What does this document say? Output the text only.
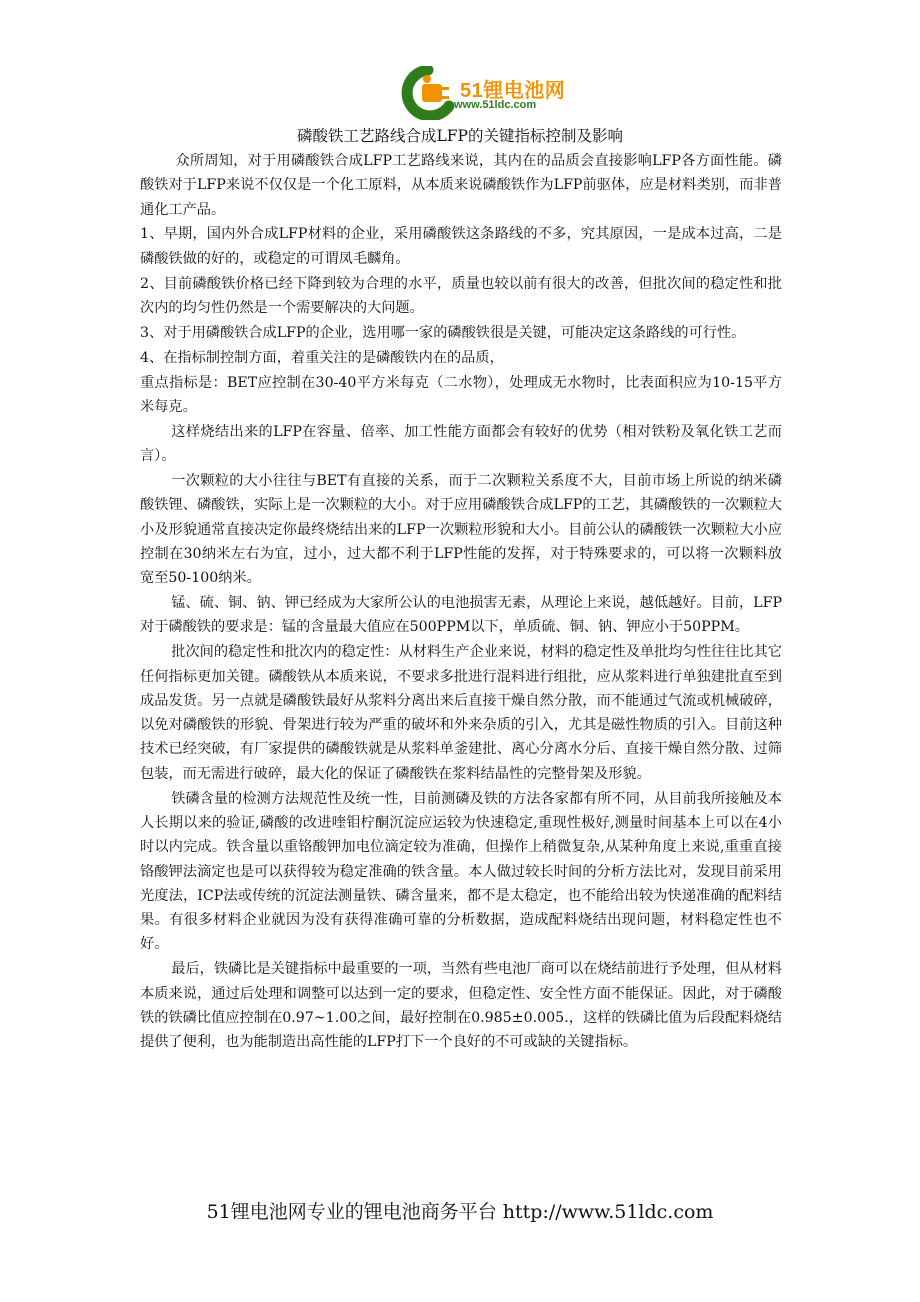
51锂电池网
www.51ldc.com
磷酸铁工艺路线合成LFP的关键指标控制及影响

众所周知，对于用磷酸铁合成LFP工艺路线来说，其内在的品质会直接影响LFP各方面性能。磷酸铁对于LFP来说不仅仅是一个化工原料，从本质来说磷酸铁作为LFP前驱体，应是材料类别，而非普通化工产品。

1、早期，国内外合成LFP材料的企业，采用磷酸铁这条路线的不多，究其原因，一是成本过高，二是磷酸铁做的好的，或稳定的可谓凤毛麟角。

2、目前磷酸铁价格已经下降到较为合理的水平，质量也较以前有很大的改善，但批次间的稳定性和批次内的均匀性仍然是一个需要解决的大问题。

3、对于用磷酸铁合成LFP的企业，选用哪一家的磷酸铁很是关键，可能决定这条路线的可行性。

4、在指标制控制方面，着重关注的是磷酸铁内在的品质，

重点指标是：BET应控制在30-40平方米每克（二水物），处理成无水物时，比表面积应为10-15平方米每克。

这样烧结出来的LFP在容量、倍率、加工性能方面都会有较好的优势（相对铁粉及氧化铁工艺而言）。

一次颗粒的大小往往与BET有直接的关系，而于二次颗粒关系度不大，目前市场上所说的纳米磷酸铁锂、磷酸铁，实际上是一次颗粒的大小。对于应用磷酸铁合成LFP的工艺，其磷酸铁的一次颗粒大小及形貌通常直接决定你最终烧结出来的LFP一次颗粒形貌和大小。目前公认的磷酸铁一次颗粒大小应控制在30纳米左右为宜，过小，过大都不利于LFP性能的发挥，对于特殊要求的，可以将一次颗料放宽至50-100纳米。

锰、硫、铜、钠、钾已经成为大家所公认的电池损害无素，从理论上来说，越低越好。目前，LFP对于磷酸铁的要求是：锰的含量最大值应在500PPM以下，单质硫、铜、钠、钾应小于50PPM。

批次间的稳定性和批次内的稳定性：从材料生产企业来说，材料的稳定性及单批均匀性往往比其它任何指标更加关键。磷酸铁从本质来说，不要求多批进行混料进行组批，应从浆料进行单独建批直至到成品发货。另一点就是磷酸铁最好从浆料分离出来后直接干燥自然分散，而不能通过气流或机械破碎，以免对磷酸铁的形貌、骨架进行较为严重的破坏和外来杂质的引入，尤其是磁性物质的引入。目前这种技术已经突破，有厂家提供的磷酸铁就是从浆料单釜建批、离心分离水分后、直接干燥自然分散、过筛包装，而无需进行破碎，最大化的保证了磷酸铁在浆料结晶性的完整骨架及形貌。

铁磷含量的检测方法规范性及统一性，目前测磷及铁的方法各家都有所不同，从目前我所接触及本人长期以来的验证,磷酸的改进喹钼柠酮沉淀应运较为快速稳定,重现性极好,测量时间基本上可以在4小时以内完成。铁含量以重铬酸钾加电位滴定较为准确，但操作上稍微复杂,从某种角度上来说,重重直接铬酸钾法滴定也是可以获得较为稳定准确的铁含量。本人做过较长时间的分析方法比对，发现目前采用光度法，ICP法或传统的沉淀法测量铁、磷含量来，都不是太稳定，也不能给出较为快递准确的配料结果。有很多材料企业就因为没有获得准确可靠的分析数据，造成配料烧结出现问题，材料稳定性也不好。

最后，铁磷比是关键指标中最重要的一项，当然有些电池厂商可以在烧结前进行予处理，但从材料本质来说，通过后处理和调整可以达到一定的要求，但稳定性、安全性方面不能保证。因此，对于磷酸铁的铁磷比值应控制在0.97~1.00之间，最好控制在0.985±0.005.，这样的铁磷比值为后段配料烧结提供了便利，也为能制造出高性能的LFP打下一个良好的不可或缺的关键指标。

51锂电池网专业的锂电池商务平台 http://www.51ldc.com
